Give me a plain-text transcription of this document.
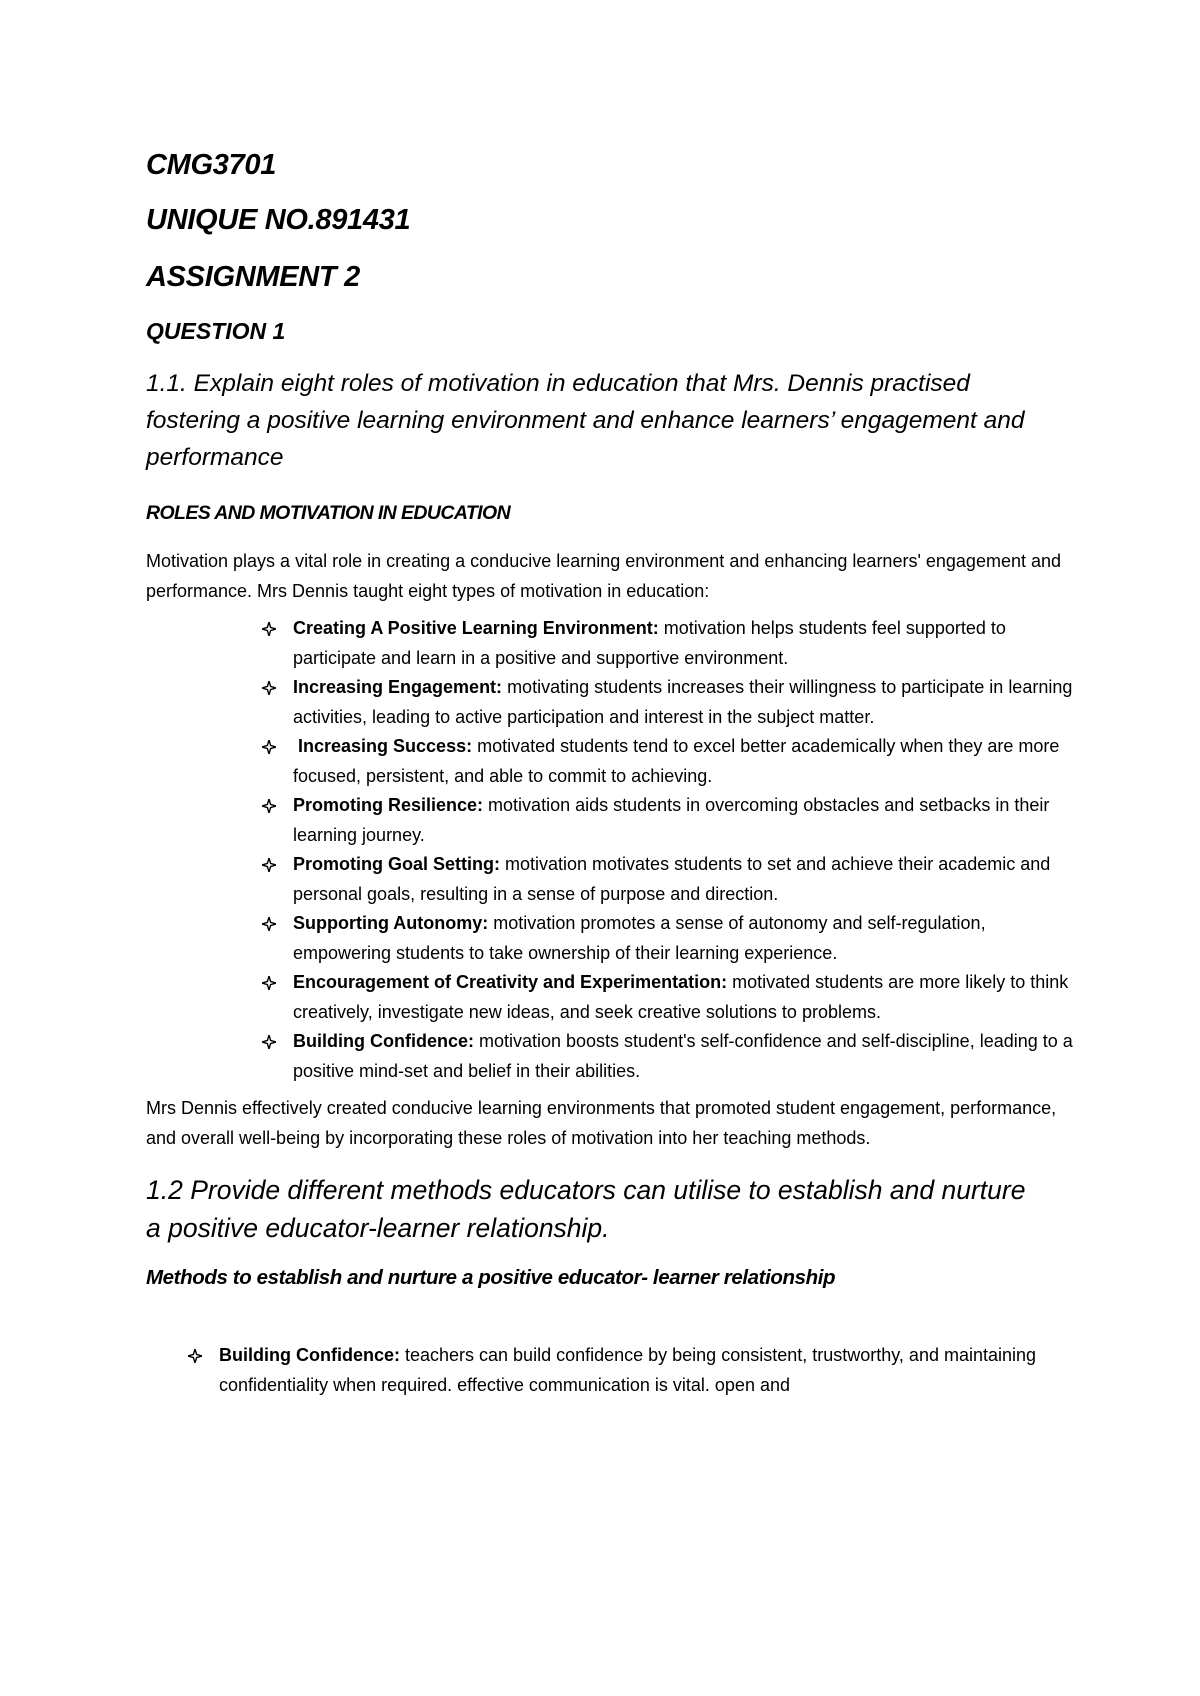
CMG3701

UNIQUE NO.891431

ASSIGNMENT 2

QUESTION 1

1.1. Explain eight roles of motivation in education that Mrs. Dennis practised fostering a positive learning environment and enhance learners’ engagement and performance

ROLES AND MOTIVATION IN EDUCATION

Motivation plays a vital role in creating a conducive learning environment and enhancing learners' engagement and performance. Mrs Dennis taught eight types of motivation in education:

Creating A Positive Learning Environment: motivation helps students feel supported to participate and learn in a positive and supportive environment.
Increasing Engagement: motivating students increases their willingness to participate in learning activities, leading to active participation and interest in the subject matter.
Increasing Success: motivated students tend to excel better academically when they are more focused, persistent, and able to commit to achieving.
Promoting Resilience: motivation aids students in overcoming obstacles and setbacks in their learning journey.
Promoting Goal Setting: motivation motivates students to set and achieve their academic and personal goals, resulting in a sense of purpose and direction.
Supporting Autonomy: motivation promotes a sense of autonomy and self-regulation, empowering students to take ownership of their learning experience.
Encouragement of Creativity and Experimentation: motivated students are more likely to think creatively, investigate new ideas, and seek creative solutions to problems.
Building Confidence: motivation boosts student's self-confidence and self-discipline, leading to a positive mind-set and belief in their abilities.

Mrs Dennis effectively created conducive learning environments that promoted student engagement, performance, and overall well-being by incorporating these roles of motivation into her teaching methods.

1.2 Provide different methods educators can utilise to establish and nurture a positive educator-learner relationship.

Methods to establish and nurture a positive educator- learner relationship

Building Confidence: teachers can build confidence by being consistent, trustworthy, and maintaining confidentiality when required. effective communication is vital. open and
